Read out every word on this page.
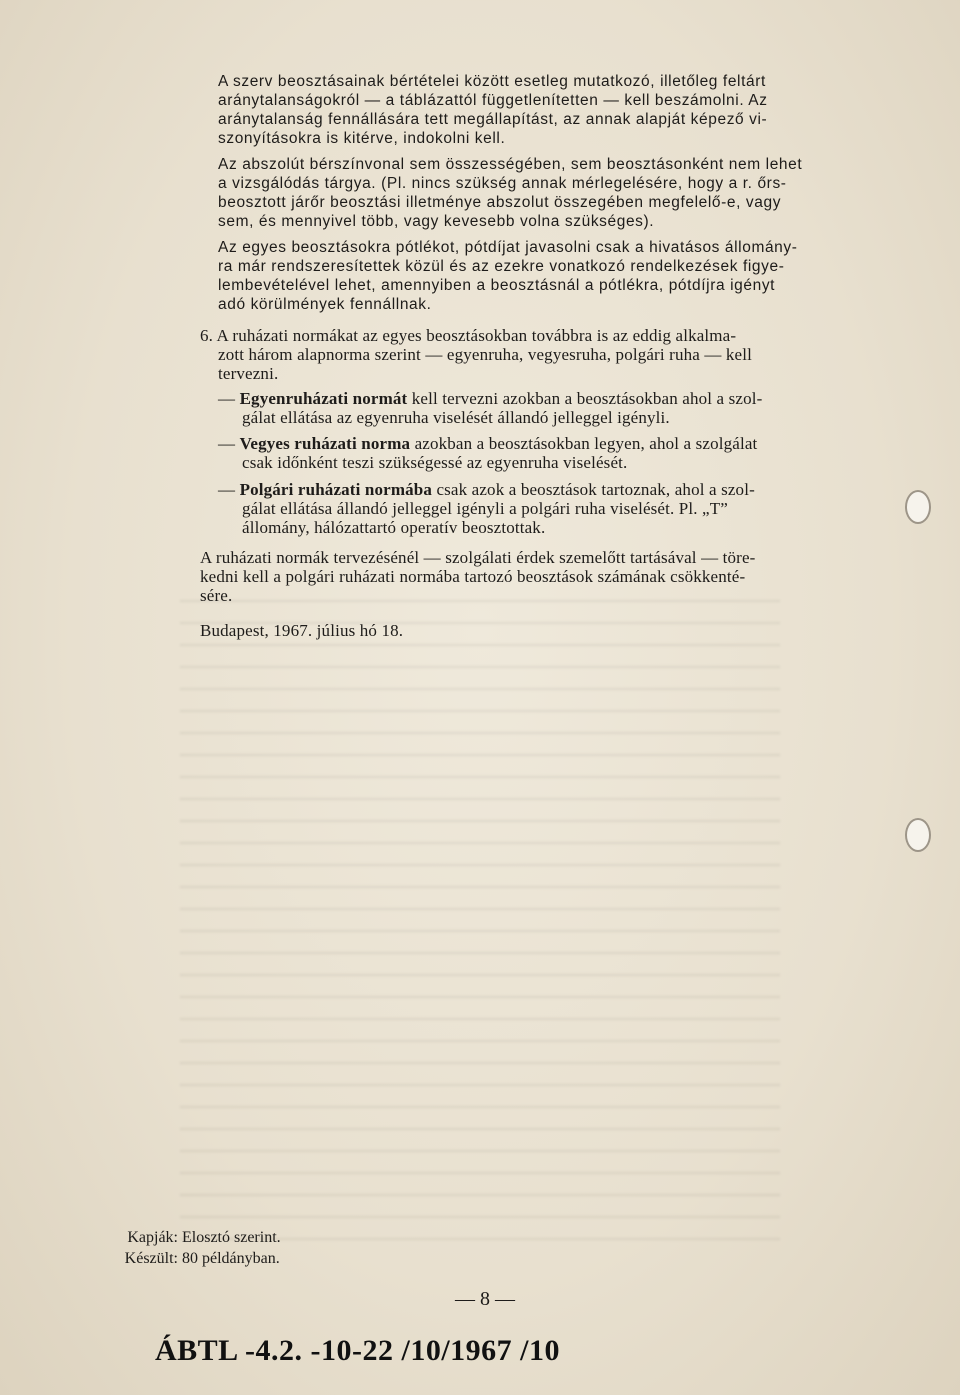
A szerv beosztásainak bértételei között esetleg mutatkozó, illetőleg feltárt
aránytalanságokról — a táblázattól függetlenítetten — kell beszámolni. Az
aránytalanság fennállására tett megállapítást, az annak alapját képező vi-
szonyításokra is kitérve, indokolni kell.
Az abszolút bérszínvonal sem összességében, sem beosztásonként nem lehet
a vizsgálódás tárgya. (Pl. nincs szükség annak mérlegelésére, hogy a r. őrs-
beosztott járőr beosztási illetménye abszolut összegében megfelelő-e, vagy
sem, és mennyivel több, vagy kevesebb volna szükséges).
Az egyes beosztásokra pótlékot, pótdíjat javasolni csak a hivatásos állomány-
ra már rendszeresítettek közül és az ezekre vonatkozó rendelkezések figye-
lembevételével lehet, amennyiben a beosztásnál a pótlékra, pótdíjra igényt
adó körülmények fennállnak.
6. A ruházati normákat az egyes beosztásokban továbbra is az eddig alkalma-
zott három alapnorma szerint — egyenruha, vegyesruha, polgári ruha — kell
tervezni.
— Egyenruházati normát kell tervezni azokban a beosztásokban ahol a szol-
gálat ellátása az egyenruha viselését állandó jelleggel igényli.
— Vegyes ruházati norma azokban a beosztásokban legyen, ahol a szolgálat
csak időnként teszi szükségessé az egyenruha viselését.
— Polgári ruházati normába csak azok a beosztások tartoznak, ahol a szol-
gálat ellátása állandó jelleggel igényli a polgári ruha viselését. Pl. „T”
állomány, hálózattartó operatív beosztottak.
A ruházati normák tervezésénél — szolgálati érdek szemelőtt tartásával — töre-
kedni kell a polgári ruházati normába tartozó beosztások számának csökkenté-
sére.
Budapest, 1967. július hó 18.
Kapják: Elosztó szerint.
Készült: 80 példányban.
— 8 —
ÁBTL -4.2. -10-22 /10/1967 /10
